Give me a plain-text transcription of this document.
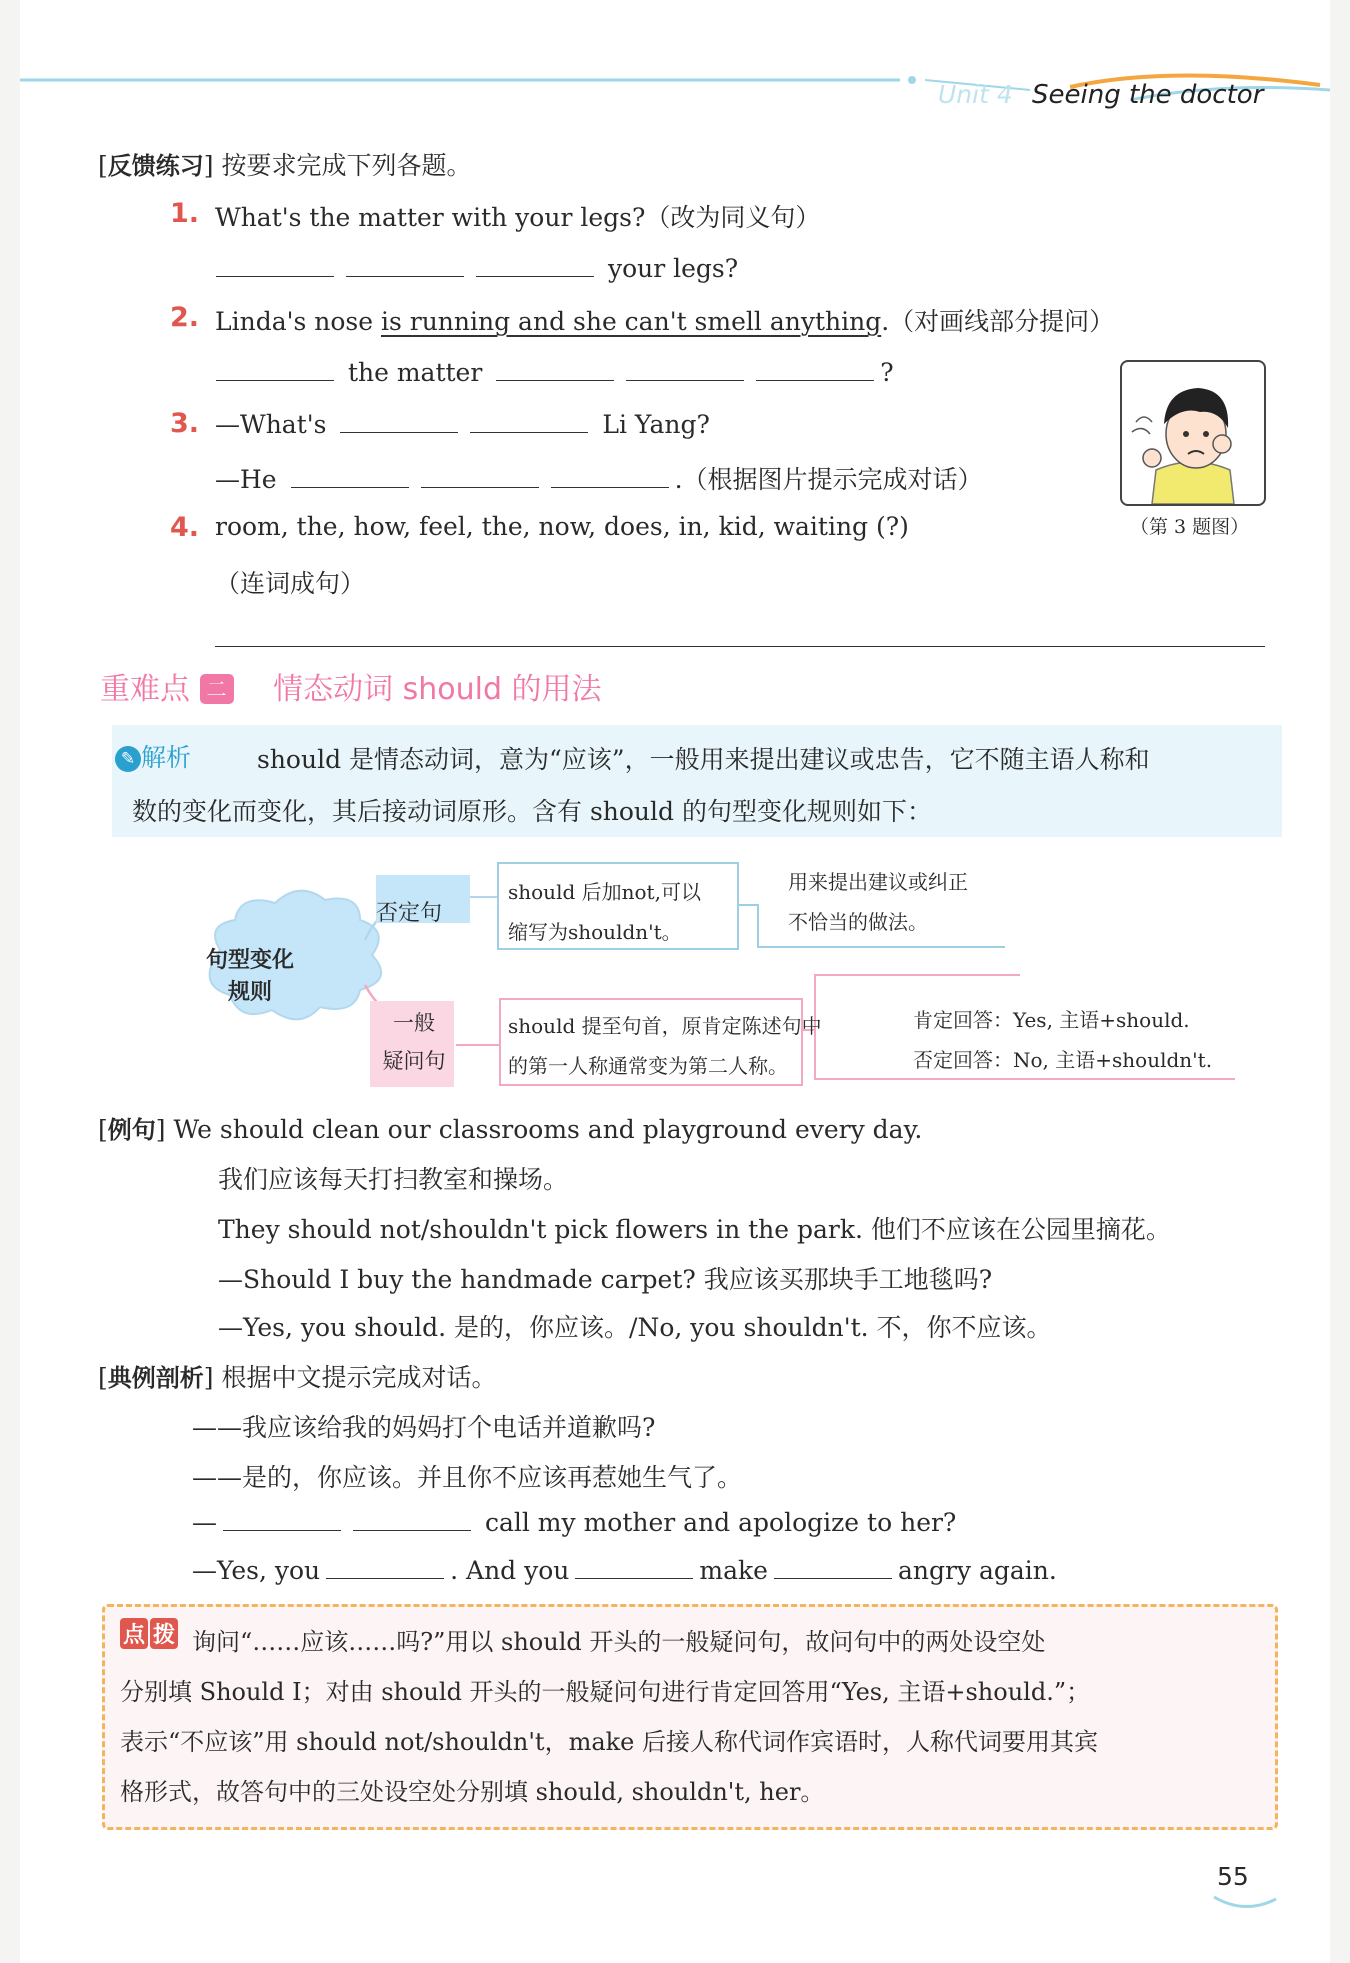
Unit 4 Seeing the doctor
[反馈练习] 按要求完成下列各题。
1. What's the matter with your legs?（改为同义句）
your legs?
2. Linda's nose is running and she can't smell anything.（对画线部分提问）
the matter	?
3. —What's	Li Yang?
—He	.（根据图片提示完成对话）
（第 3 题图）
4. room, the, how, feel, the, now, does, in, kid, waiting (?)
（连词成句）
重难点 二 情态动词 should 的用法
✎ 解析	should 是情态动词，意为“应该”，一般用来提出建议或忠告，它不随主语人称和
数的变化而变化，其后接动词原形。含有 should 的句型变化规则如下：
句型变化
规则
否定句
should 后加not,可以
缩写为shouldn't。
用来提出建议或纠正
不恰当的做法。
一般
疑问句
should 提至句首，原肯定陈述句中
的第一人称通常变为第二人称。
肯定回答：Yes, 主语+should.
否定回答：No, 主语+shouldn't.
[例句] We should clean our classrooms and playground every day.
我们应该每天打扫教室和操场。
They should not/shouldn't pick flowers in the park. 他们不应该在公园里摘花。
—Should I buy the handmade carpet? 我应该买那块手工地毯吗?
—Yes, you should. 是的，你应该。/No, you shouldn't. 不，你不应该。
[典例剖析] 根据中文提示完成对话。
——我应该给我的妈妈打个电话并道歉吗?
——是的，你应该。并且你不应该再惹她生气了。
—	call my mother and apologize to her?
—Yes, you	. And you	make	angry again.
点 拨 询问“……应该……吗?”用以 should 开头的一般疑问句，故问句中的两处设空处
分别填 Should I；对由 should 开头的一般疑问句进行肯定回答用“Yes, 主语+should.”；
表示“不应该”用 should not/shouldn't，make 后接人称代词作宾语时，人称代词要用其宾
格形式，故答句中的三处设空处分别填 should, shouldn't, her。
55
